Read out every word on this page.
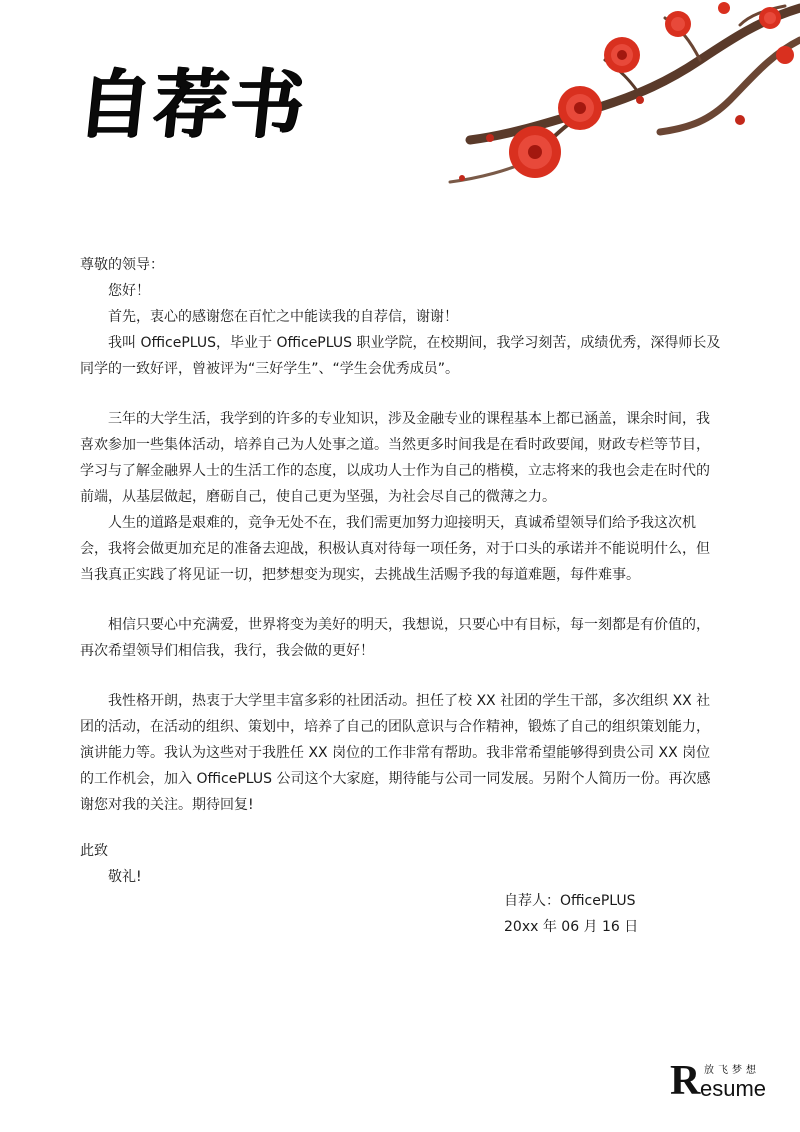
自荐书

尊敬的领导：

您好！

首先，衷心的感谢您在百忙之中能读我的自荐信，谢谢！

我叫 OfficePLUS，毕业于 OfficePLUS 职业学院，在校期间，我学习刻苦，成绩优秀，深得师长及同学的一致好评，曾被评为“三好学生”、“学生会优秀成员”。

三年的大学生活，我学到的许多的专业知识，涉及金融专业的课程基本上都已涵盖，课余时间，我喜欢参加一些集体活动，培养自己为人处事之道。当然更多时间我是在看时政要闻，财政专栏等节目，学习与了解金融界人士的生活工作的态度，以成功人士作为自己的楷模，立志将来的我也会走在时代的前端，从基层做起，磨砺自己，使自己更为坚强，为社会尽自己的微薄之力。

人生的道路是艰难的，竞争无处不在，我们需更加努力迎接明天，真诚希望领导们给予我这次机会，我将会做更加充足的准备去迎战，积极认真对待每一项任务，对于口头的承诺并不能说明什么，但当我真正实践了将见证一切，把梦想变为现实，去挑战生活赐予我的每道难题，每件难事。

相信只要心中充满爱，世界将变为美好的明天，我想说，只要心中有目标，每一刻都是有价值的，再次希望领导们相信我，我行，我会做的更好！

我性格开朗，热衷于大学里丰富多彩的社团活动。担任了校 XX 社团的学生干部，多次组织 XX 社团的活动，在活动的组织、策划中，培养了自己的团队意识与合作精神，锻炼了自己的组织策划能力，演讲能力等。我认为这些对于我胜任 XX 岗位的工作非常有帮助。我非常希望能够得到贵公司 XX 岗位的工作机会，加入 OfficePLUS 公司这个大家庭，期待能与公司一同发展。另附个人简历一份。再次感谢您对我的关注。期待回复!

此致

敬礼!

自荐人：OfficePLUS

20xx 年 06 月 16 日

R 放飞梦想
esume
